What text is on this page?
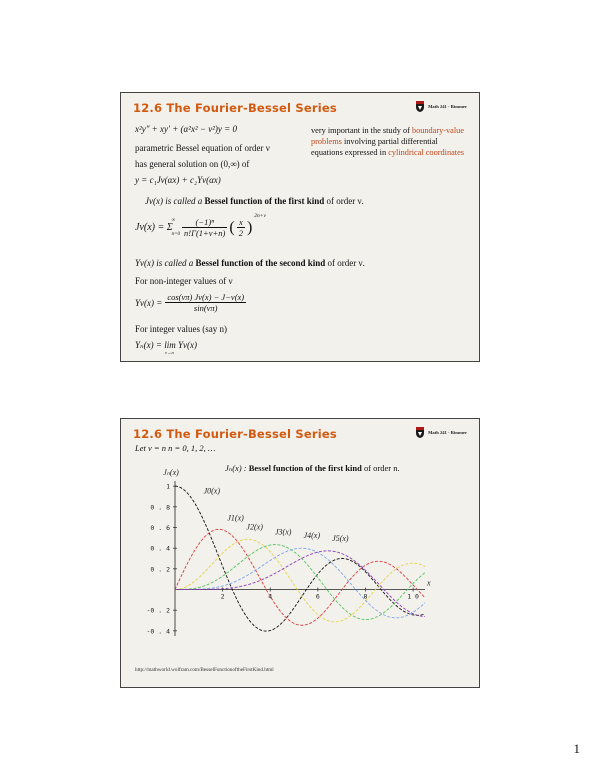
12.6 The Fourier-Bessel Series	Math 241 - Rimmer
x²y″ + xy′ + (α²x² − ν²)y = 0
parametric Bessel equation of order ν
has general solution on (0,∞) of
y = c₁Jν(αx) + c₂Yν(αx)
very important in the study of boundary-value problems involving partial differential equations expressed in cylindrical coordinates
Jν(x) is called a Bessel function of the first kind of order ν.
Jν(x) = Σ
∞
$n=0 \frac{\text{(−1)ⁿ}}{n!\Gamma(1+\nu+n)}$ ( $\frac{x}{2}$ )
2n+ν
Yν(x) is called a Bessel function of the second kind of order ν.
For non-integer values of ν
$Y\nu(x) = \frac{\cos(\nu\pi) J\nu(x) - J-\nu(x)}{\sin(\nu\pi)}$
For integer values (say n)
Yₙ(x) = lim Yν(x)
ν→n
12.6 The Fourier-Bessel Series	Math 241 - Rimmer
Let ν = n n = 0, 1, 2, …
Jₙ(x) : Bessel function of the first kind of order n.
2	4	6	8	1 0
1
0 . 8
0 . 6
0 . 4
0 . 2
-0 . 2
-0 . 4
Jₙ(x)
x
J0(x)
J1(x)
J2(x)
J3(x) J4(x) J5(x)
http://mathworld.wolfram.com/BesselFunctionoftheFirstKind.html
1
